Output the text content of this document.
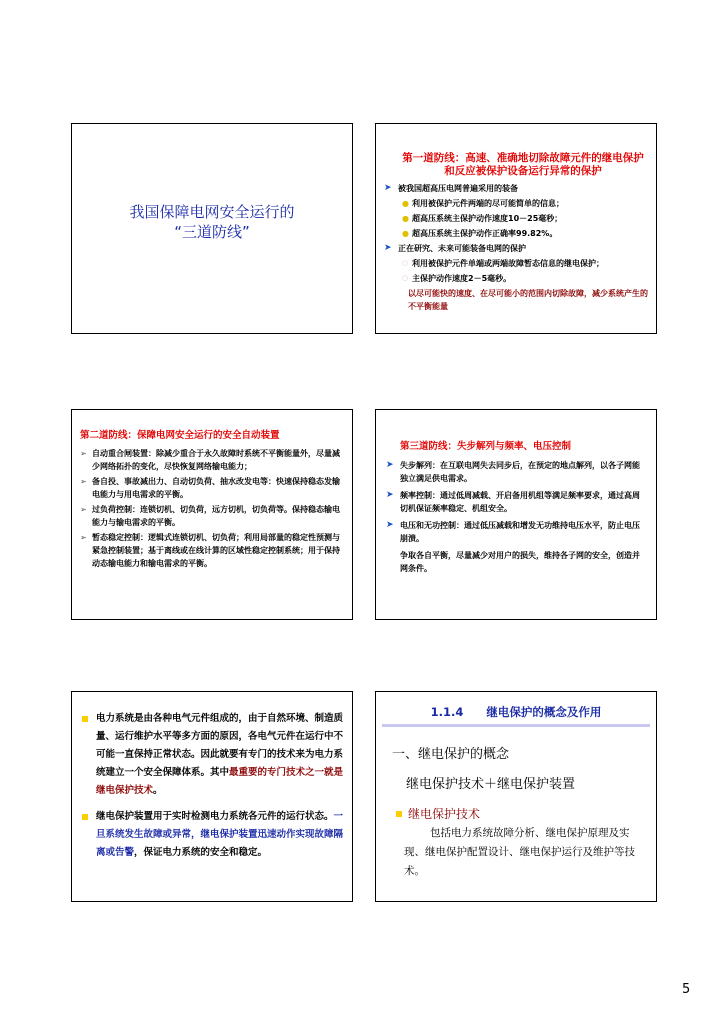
我国保障电网安全运行的
“三道防线”
第一道防线：高速、准确地切除故障元件的继电保护和反应被保护设备运行异常的保护
➤ 被我国超高压电网普遍采用的装备
● 利用被保护元件两端的尽可能简单的信息；
● 超高压系统主保护动作速度10－25毫秒；
● 超高压系统主保护动作正确率99.82%。
➤ 正在研究、未来可能装备电网的保护
○ 利用被保护元件单端或两端故障暂态信息的继电保护；
○ 主保护动作速度2－5毫秒。
以尽可能快的速度、在尽可能小的范围内切除故障，减少系统产生的不平衡能量
第二道防线：保障电网安全运行的安全自动装置
➢ 自动重合闸装置：除减少重合于永久故障时系统不平衡能量外，尽量减少网络拓扑的变化，尽快恢复网络输电能力；
➢ 备自投、事故减出力、自动切负荷、抽水改发电等：快速保持稳态发输电能力与用电需求的平衡。
➢ 过负荷控制：连锁切机、切负荷，远方切机，切负荷等。保持稳态输电能力与输电需求的平衡。
➢ 暂态稳定控制：逻辑式连锁切机、切负荷；利用局部量的稳定性预测与紧急控制装置；基于离线或在线计算的区域性稳定控制系统；用于保持动态输电能力和输电需求的平衡。
第三道防线：失步解列与频率、电压控制
➤ 失步解列：在互联电网失去同步后，在预定的地点解列，以各子网能独立满足供电需求。
➤ 频率控制：通过低周减载、开启备用机组等满足频率要求，通过高周切机保证频率稳定、机组安全。
➤ 电压和无功控制：通过低压减载和增发无功维持电压水平，防止电压崩溃。
争取各自平衡，尽量减少对用户的损失，维持各子网的安全，创造并网条件。
电力系统是由各种电气元件组成的，由于自然环境、制造质量、运行维护水平等多方面的原因，各电气元件在运行中不可能一直保持正常状态。因此就要有专门的技术来为电力系统建立一个安全保障体系。其中最重要的专门技术之一就是继电保护技术。
继电保护装置用于实时检测电力系统各元件的运行状态。一旦系统发生故障或异常，继电保护装置迅速动作实现故障隔离或告警，保证电力系统的安全和稳定。
1.1.4　　继电保护的概念及作用
一、继电保护的概念
继电保护技术＋继电保护装置
继电保护技术
包括电力系统故障分析、继电保护原理及实现、继电保护配置设计、继电保护运行及维护等技术。
5
